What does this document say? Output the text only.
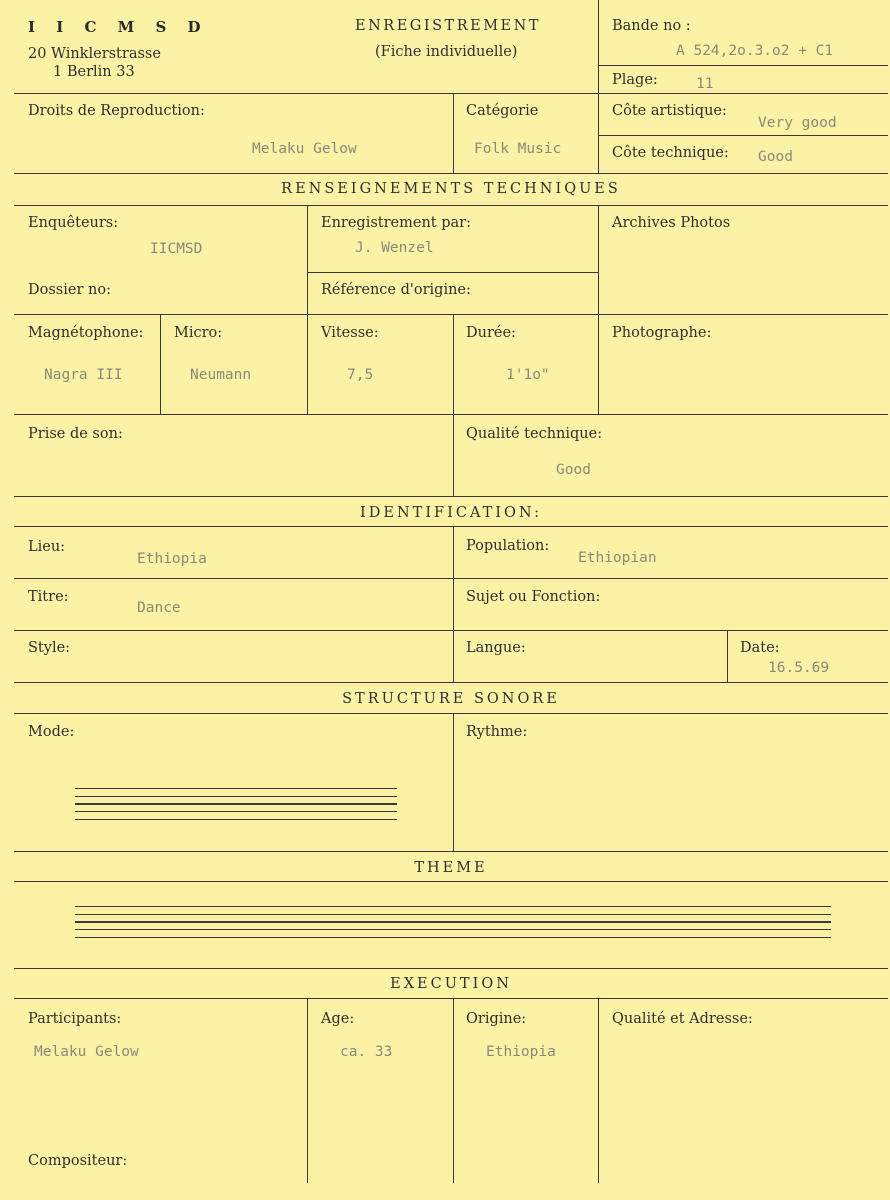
I I C M S D
20 Winklerstrasse
1 Berlin 33
ENREGISTREMENT
(Fiche individuelle)
Bande no :
A 524,2o.3.o2 + C1
Plage:	11
Droits de Reproduction:
Melaku Gelow
Catégorie
Folk Music
Côte artistique:
Very good
Côte technique: Good
RENSEIGNEMENTS TECHNIQUES
Enquêteurs:
IICMSD
Enregistrement par:
J. Wenzel
Archives Photos
Dossier no:	Référence d'origine:
Magnétophone:
Nagra III
Micro:
Neumann
Vitesse:
7,5
Durée:
1'1o"
Photographe:
Prise de son:	Qualité technique:
Good
IDENTIFICATION:
Lieu:
Ethiopia
Population:
Ethiopian
Titre:
Dance
Sujet ou Fonction:
Style:	Langue:	Date:
16.5.69
STRUCTURE SONORE
Mode:	Rythme:
THEME
EXECUTION
Participants:
Melaku Gelow
Age:
ca. 33
Origine:
Ethiopia
Qualité et Adresse:
Compositeur:
